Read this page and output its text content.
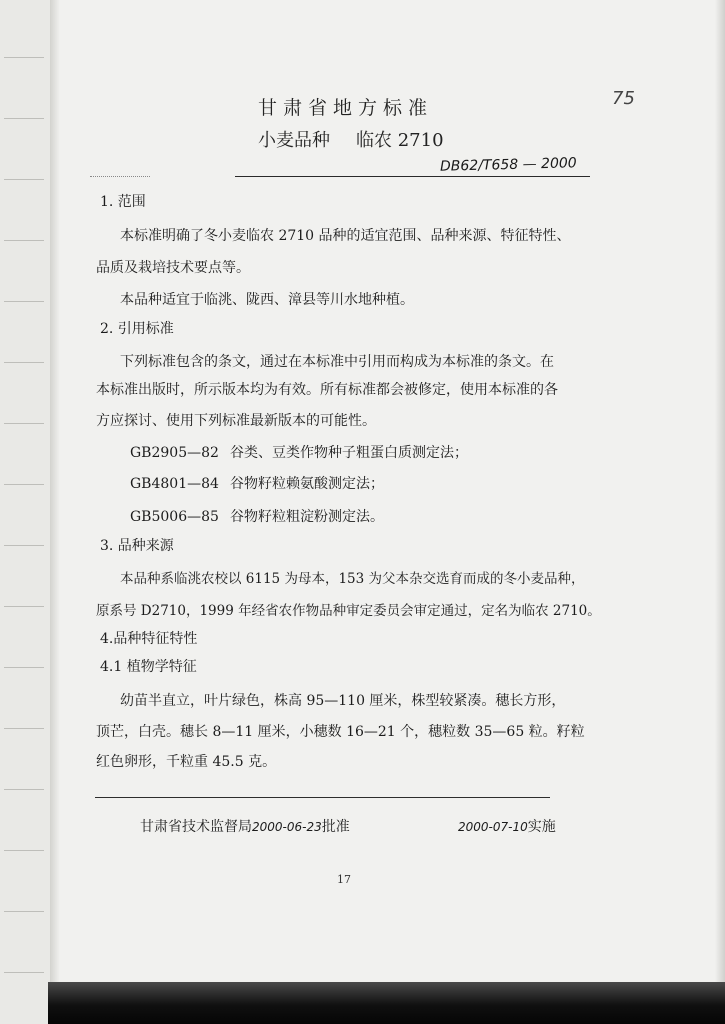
甘肃省地方标准
小麦品种 临农 2710
75
DB62/T658 — 2000
1. 范围
本标准明确了冬小麦临农 2710 品种的适宜范围、品种来源、特征特性、
品质及栽培技术要点等。
本品种适宜于临洮、陇西、漳县等川水地种植。
2. 引用标准
下列标准包含的条文，通过在本标准中引用而构成为本标准的条文。在
本标准出版时，所示版本均为有效。所有标准都会被修定，使用本标准的各
方应探讨、使用下列标准最新版本的可能性。
GB2905—82 谷类、豆类作物种子粗蛋白质测定法；
GB4801—84 谷物籽粒赖氨酸测定法；
GB5006—85 谷物籽粒粗淀粉测定法。
3. 品种来源
本品种系临洮农校以 6115 为母本，153 为父本杂交选育而成的冬小麦品种，
原系号 D2710，1999 年经省农作物品种审定委员会审定通过，定名为临农 2710。
4.品种特征特性
4.1 植物学特征
幼苗半直立，叶片绿色，株高 95—110 厘米，株型较紧凑。穗长方形，
顶芒，白壳。穗长 8—11 厘米，小穗数 16—21 个，穗粒数 35—65 粒。籽粒
红色卵形，千粒重 45.5 克。
甘肃省技术监督局2000-06-23批准	2000-07-10实施
17
